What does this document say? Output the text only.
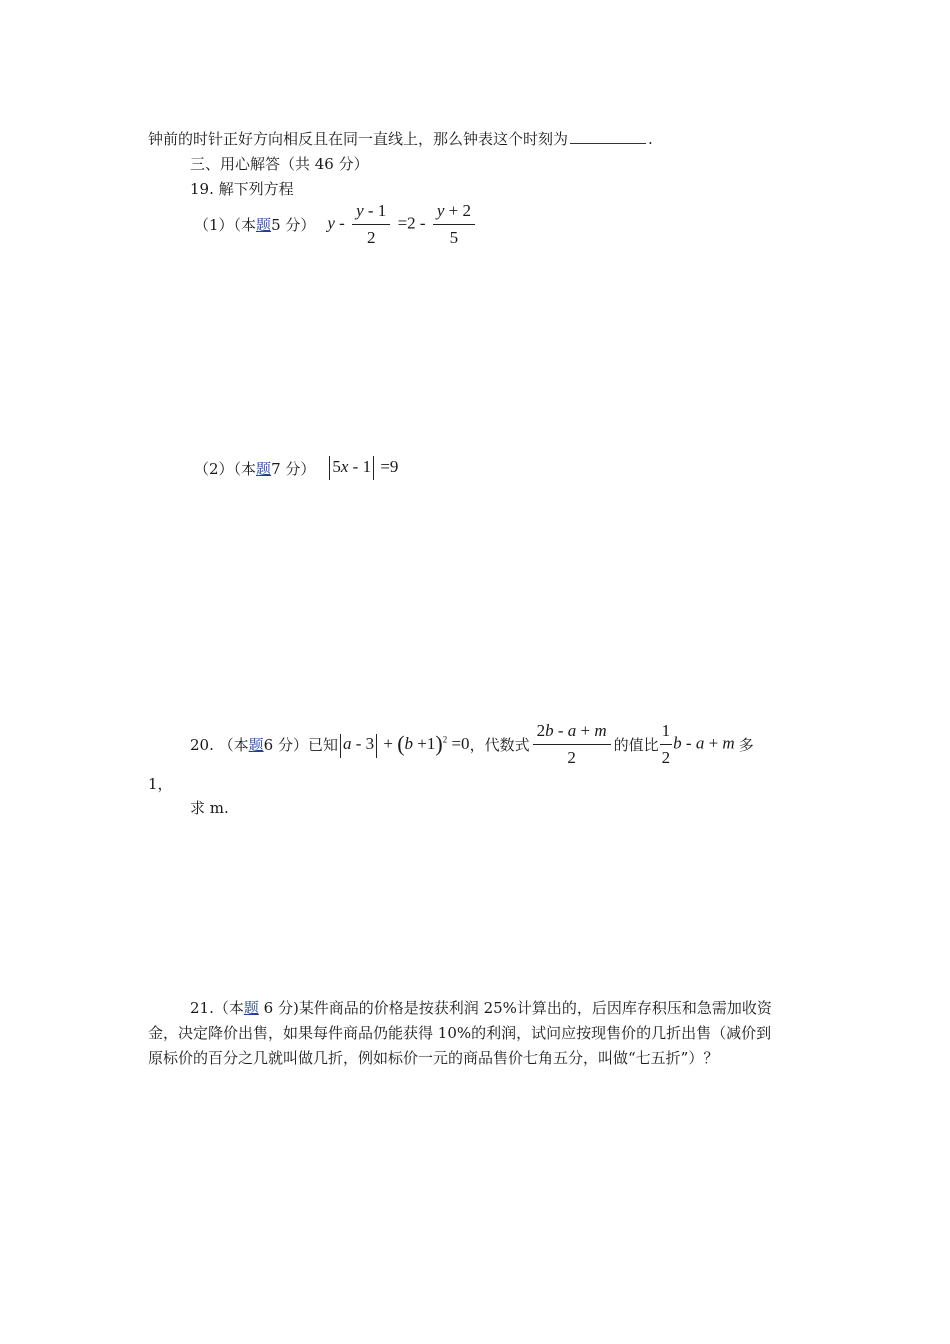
钟前的时针正好方向相反且在同一直线上，那么钟表这个时刻为	.
三、用心解答（共 46 分）
19. 解下列方程
（1）（本 题 5 分） $y - \frac{y - 1}{2} =2 - \frac{y + 2}{5}$
（2）（本 题 7 分） 5x - 1 =9
20. （本 题 6 分）已知 $a - 3 + (b +1)^2 =0$ ，代数式 $\frac{2b - a + m}{2}$ 的值比 $\frac{1}{2}$ b - a + m 多
1，
求 m.
21.（本题 6 分)某件商品的价格是按获利润 25%计算出的，后因库存积压和急需加收资
金，决定降价出售，如果每件商品仍能获得 10%的利润，试问应按现售价的几折出售（减价到
原标价的百分之几就叫做几折，例如标价一元的商品售价七角五分，叫做“七五折”）？
